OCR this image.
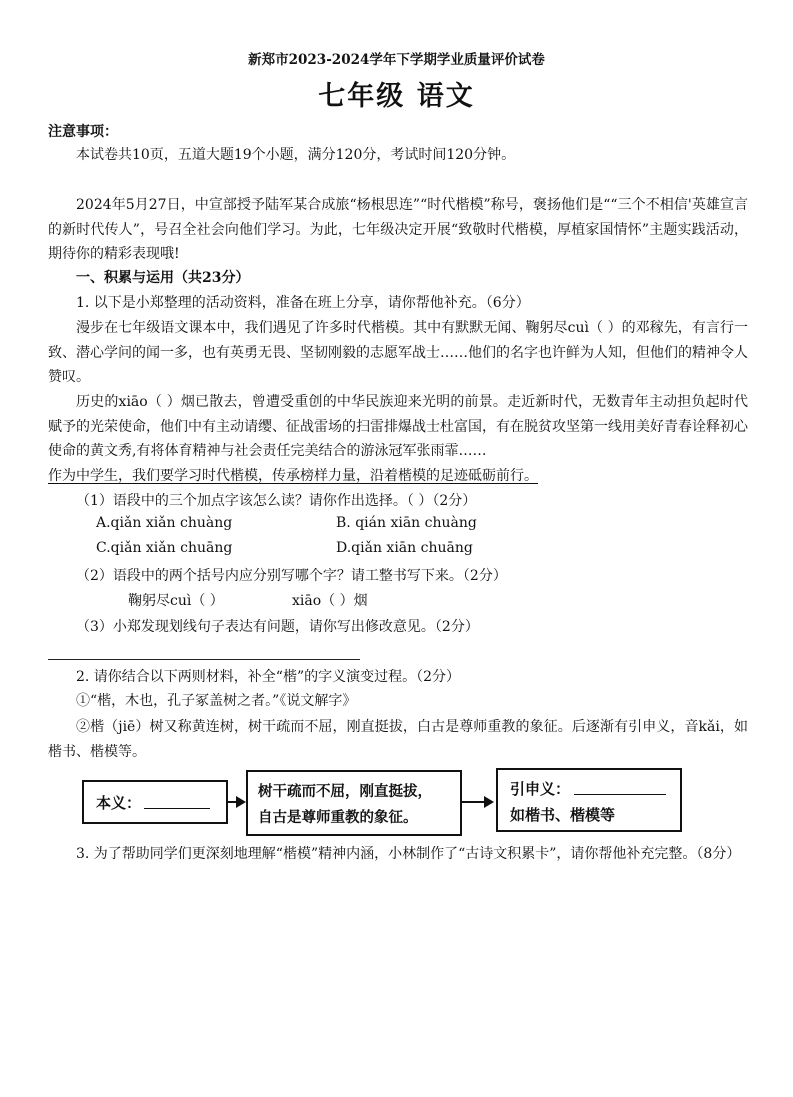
新郑市2023-2024学年下学期学业质量评价试卷
七年级 语文
注意事项：
本试卷共10页，五道大题19个小题，满分120分，考试时间120分钟。
2024年5月27日，中宣部授予陆军某合成旅“杨根思连”“时代楷模”称号，褒扬他们是““三个不相信'英雄宣言的新时代传人”，号召全社会向他们学习。为此，七年级决定开展“致敬时代楷模，厚植家国情怀”主题实践活动，期待你的精彩表现哦!
一、积累与运用（共23分）
1. 以下是小郑整理的活动资料，准备在班上分享，请你帮他补充。（6分）
漫步在七年级语文课本中，我们遇见了许多时代楷模。其中有默默无闻、鞠躬尽cuì（ ）的邓稼先，有言行一致、潜心学问的闻一多，也有英勇无畏、坚韧刚毅的志愿军战士……他们的名字也许鲜为人知，但他们的精神令人赞叹。
历史的xiāo（ ）烟已散去，曾遭受重创的中华民族迎来光明的前景。走近新时代，无数青年主动担负起时代赋予的光荣使命，他们中有主动请缨、征战雷场的扫雷排爆战士杜富国，有在脱贫攻坚第一线用美好青春诠释初心使命的黄文秀,有将体育精神与社会责任完美结合的游泳冠军张雨霏……
作为中学生，我们要学习时代楷模，传承榜样力量，沿着楷模的足迹砥砺前行。
（1）语段中的三个加点字该怎么读？请你作出选择。（ ）（2分）
A.qiǎn xiǎn chuàng	B. qián xiān chuàng
C.qiǎn xiǎn chuāng	D.qiǎn xiān chuāng
（2）语段中的两个括号内应分别写哪个字？请工整书写下来。（2分）
鞠躬尽cuì（ ）	xiāo（ ）烟
（3）小郑发现划线句子表达有问题，请你写出修改意见。（2分）
2. 请你结合以下两则材料，补全“楷”的字义演变过程。（2分）
①“楷，木也，孔子冢盖树之者。”《说文解字》
②楷（jiē）树又称黄连树，树干疏而不屈，刚直挺拔，白古是尊师重教的象征。后逐渐有引申义，音kǎi，如楷书、楷模等。
本义：
树干疏而不屈，刚直挺拔，
自古是尊师重教的象征。
引申义：
如楷书、楷模等
3. 为了帮助同学们更深刻地理解“楷模”精神内涵，小林制作了“古诗文积累卡”，请你帮他补充完整。（8分）
